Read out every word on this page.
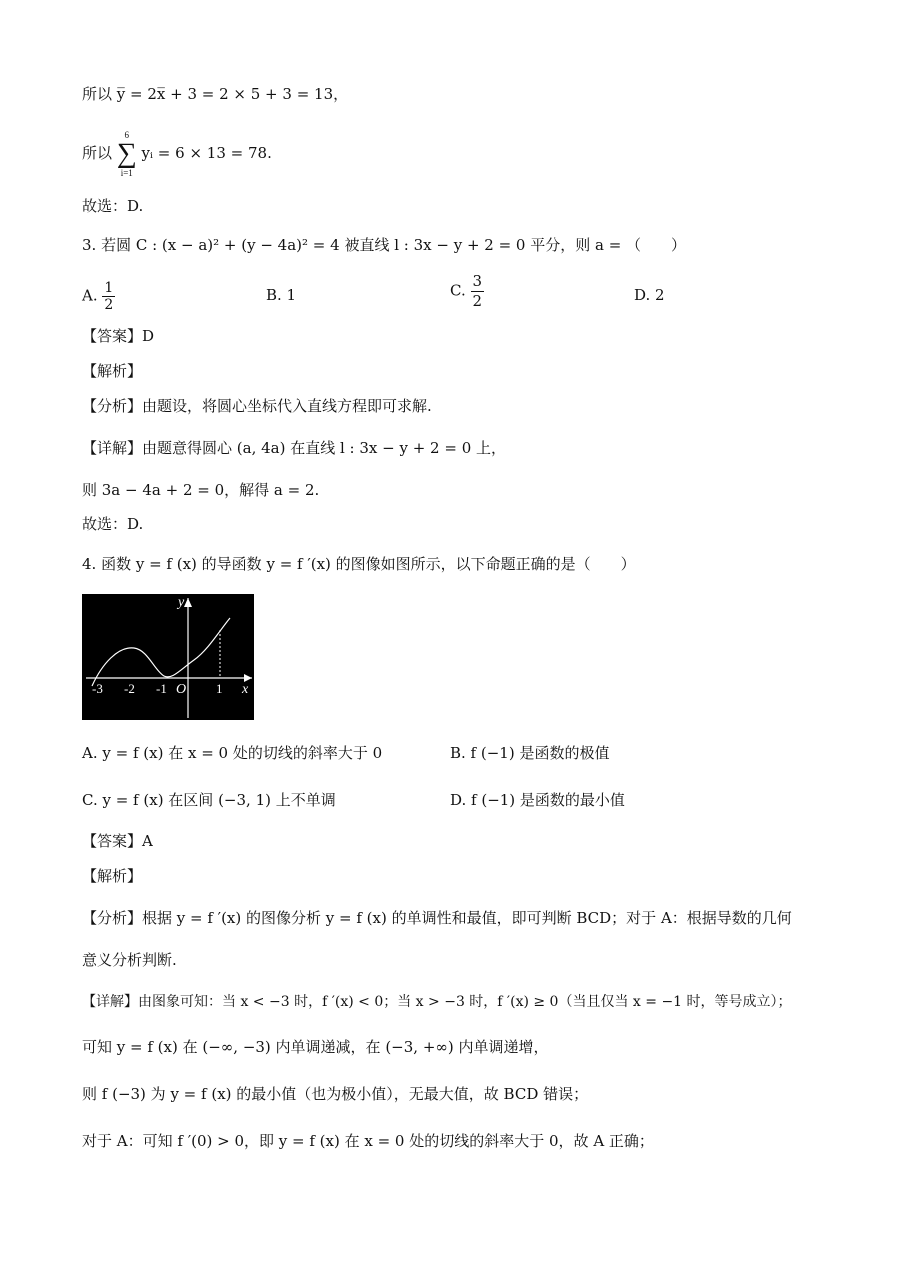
所以 y̅ = 2x̅ + 3 = 2 × 5 + 3 = 13，
所以
6
∑
i=1
yᵢ = 6 × 13 = 78.
故选：D.
3. 若圆 C : (x − a)² + (y − 4a)² = 4 被直线 l : 3x − y + 2 = 0 平分，则 a = （　　）
A. $\frac{1}{2}$	B. 1	C. $\frac{3}{2}$	D. 2
【答案】D
【解析】
【分析】由题设，将圆心坐标代入直线方程即可求解.
【详解】由题意得圆心 (a, 4a) 在直线 l : 3x − y + 2 = 0 上，
则 3a − 4a + 2 = 0，解得 a = 2.
故选：D.
4. 函数 y = f (x) 的导函数 y = f ′(x) 的图像如图所示，以下命题正确的是（　　）
y
x
O
-3 -2 -1	1
A. y = f (x) 在 x = 0 处的切线的斜率大于 0	B. f (−1) 是函数的极值
C. y = f (x) 在区间 (−3, 1) 上不单调	D. f (−1) 是函数的最小值
【答案】A
【解析】
【分析】根据 y = f ′(x) 的图像分析 y = f (x) 的单调性和最值，即可判断 BCD；对于 A：根据导数的几何
意义分析判断.
【详解】由图象可知：当 x < −3 时，f ′(x) < 0；当 x > −3 时，f ′(x) ≥ 0（当且仅当 x = −1 时，等号成立）；
可知 y = f (x) 在 (−∞, −3) 内单调递减，在 (−3, +∞) 内单调递增，
则 f (−3) 为 y = f (x) 的最小值（也为极小值），无最大值，故 BCD 错误；
对于 A：可知 f ′(0) > 0，即 y = f (x) 在 x = 0 处的切线的斜率大于 0，故 A 正确；
